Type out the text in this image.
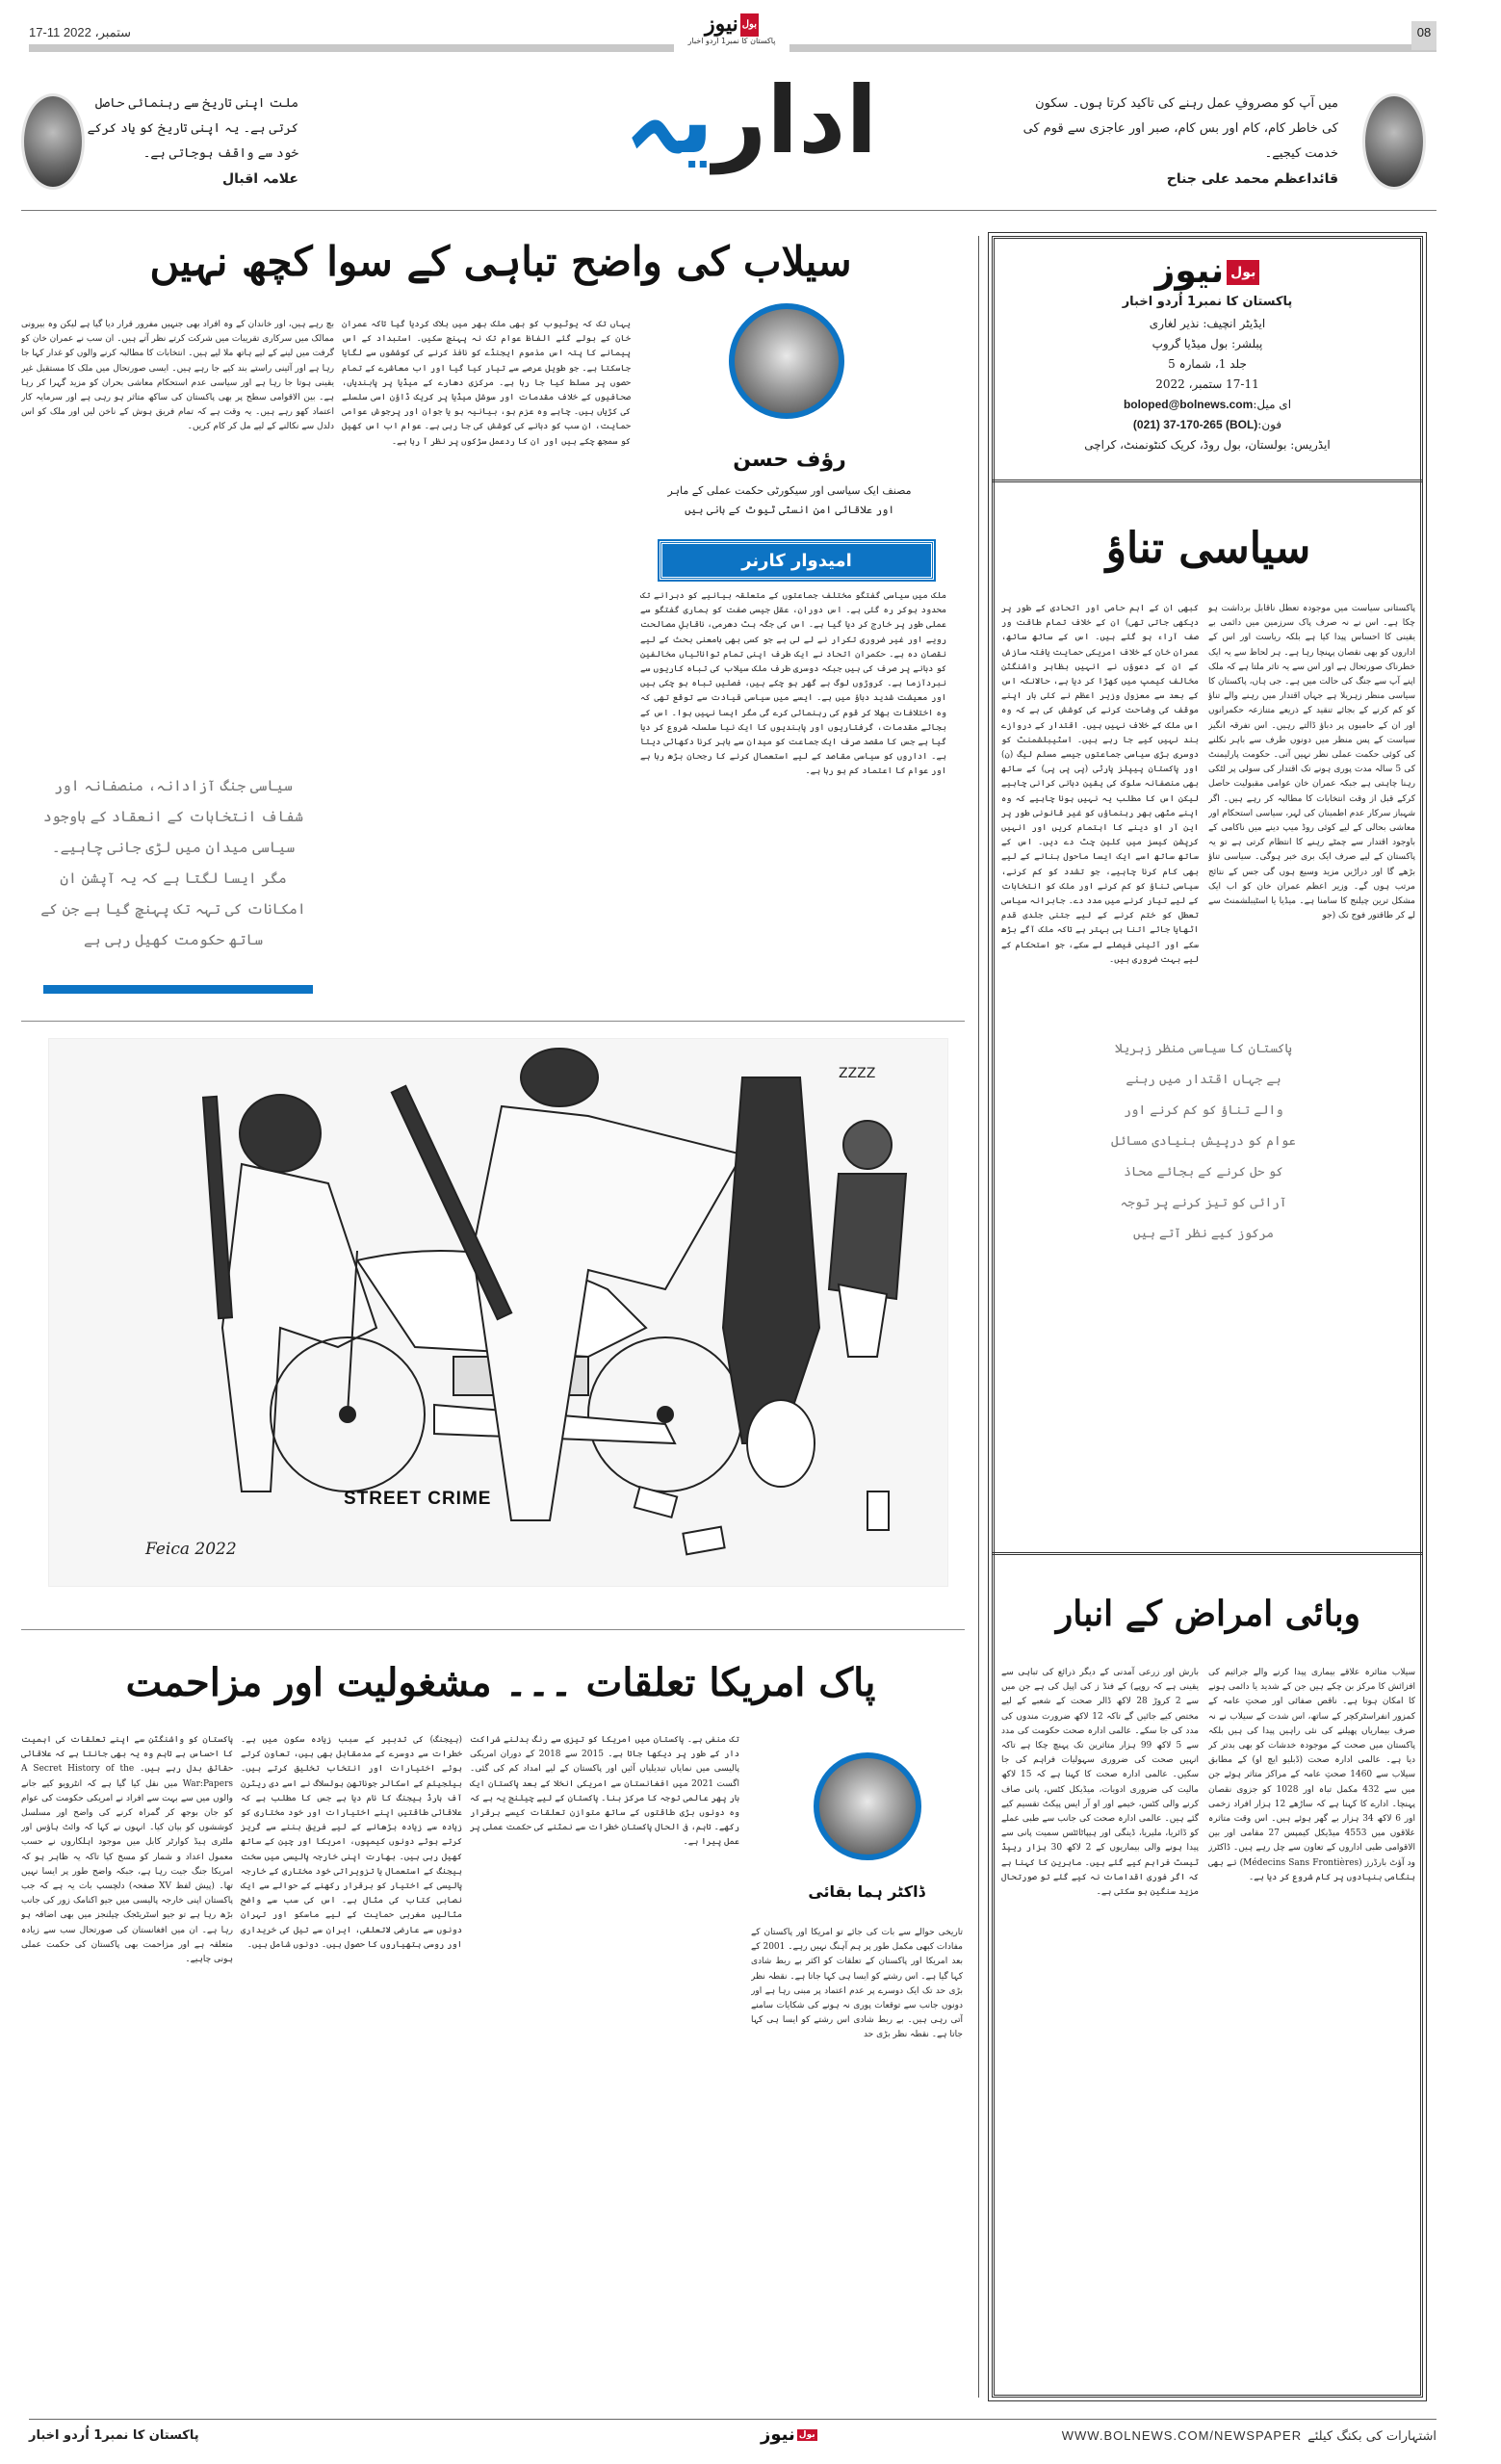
17-11 ستمبر، 2022	08
بولنیوز
پاکستان کا نمبر1 اُردو اخبار
اداریہ
ملت اپنی تاریخ سے رہنمائی حاصل کرتی ہے۔ یہ اپنی تاریخ کو یاد کرکے خود سے واقف ہوجاتی ہے۔
علامہ اقبال
میں آپ کو مصروفِ عمل رہنے کی تاکید کرتا ہوں۔ سکون کی خاطر کام، کام اور بس کام، صبر اور عاجزی سے قوم کی خدمت کیجیے۔
قائداعظم محمد علی جناح
سیلاب کی واضح تباہی کے سوا کچھ نہیں
بچ رہے ہیں، اور خاندان کے وہ افراد بھی جنہیں مفرور قرار دیا گیا ہے لیکن وہ بیرونی ممالک میں سرکاری تقریبات میں شرکت کرتے نظر آتے ہیں۔ ان سب نے عمران خان کو گرفت میں لینے کے لیے ہاتھ ملا لیے ہیں۔ انتخابات کا مطالبہ کرنے والوں کو غدار کہا جا رہا ہے اور آئینی راستے بند کیے جا رہے ہیں۔ ایسی صورتحال میں ملک کا مستقبل غیر یقینی ہوتا جا رہا ہے اور سیاسی عدم استحکام معاشی بحران کو مزید گہرا کر رہا ہے۔ بین الاقوامی سطح پر بھی پاکستان کی ساکھ متاثر ہو رہی ہے اور سرمایہ کار اعتماد کھو رہے ہیں۔ یہ وقت ہے کہ تمام فریق ہوش کے ناخن لیں اور ملک کو اس دلدل سے نکالنے کے لیے مل کر کام کریں۔
یہاں تک کہ یوٹیوب کو بھی ملک بھر میں بلاک کردیا گیا تاکہ عمران خان کے بولے گئے الفاظ عوام تک نہ پہنچ سکیں۔ استبداد کے اس پیمانے کا پتہ اس مذموم ایجنڈے کو نافذ کرنے کی کوششوں سے لگایا جاسکتا ہے۔ جو طویل عرصے سے تیار کیا گیا اور اب معاشرے کے تمام حصوں پر مسلط کیا جا رہا ہے۔ مرکزی دھارے کے میڈیا پر پابندیاں، صحافیوں کے خلاف مقدمات اور سوشل میڈیا پر کریک ڈاؤن اسی سلسلے کی کڑیاں ہیں۔ چاہے وہ عزم ہو، بیانیہ ہو یا جوان اور پرجوش عوامی حمایت، ان سب کو دبانے کی کوشش کی جا رہی ہے۔ عوام اب اس کھیل کو سمجھ چکے ہیں اور ان کا ردعمل سڑکوں پر نظر آ رہا ہے۔
رؤف حسن
مصنف ایک سیاسی اور سیکورٹی حکمت عملی کے ماہر
اور علاقائی امن انسٹی ٹیوٹ کے بانی ہیں
امیدوار کارنر
ملک میں سیاسی گفتگو مختلف جماعتوں کے متعلقہ بیانیے کو دہرانے تک محدود ہوکر رہ گئی ہے۔ اس دوران، عقل جیسی صفت کو ہماری گفتگو سے عملی طور پر خارج کر دیا گیا ہے۔ اس کی جگہ ہٹ دھرمی، ناقابلِ مصالحت رویے اور غیر ضروری تکرار نے لے لی ہے جو کسی بھی بامعنی بحث کے لیے نقصان دہ ہے۔ حکمران اتحاد نے ایک طرف اپنی تمام توانائیاں مخالفین کو دبانے پر صرف کی ہیں جبکہ دوسری طرف ملک سیلاب کی تباہ کاریوں سے نبردآزما ہے۔ کروڑوں لوگ بے گھر ہو چکے ہیں، فصلیں تباہ ہو چکی ہیں اور معیشت شدید دباؤ میں ہے۔ ایسے میں سیاسی قیادت سے توقع تھی کہ وہ اختلافات بھلا کر قوم کی رہنمائی کرے گی مگر ایسا نہیں ہوا۔ اس کے بجائے مقدمات، گرفتاریوں اور پابندیوں کا ایک نیا سلسلہ شروع کر دیا گیا ہے جس کا مقصد صرف ایک جماعت کو میدان سے باہر کرنا دکھائی دیتا ہے۔ اداروں کو سیاسی مقاصد کے لیے استعمال کرنے کا رجحان بڑھ رہا ہے اور عوام کا اعتماد کم ہو رہا ہے۔
سیاسی جنگ آزادانہ، منصفانہ اور شفاف انتخابات کے انعقاد کے باوجود سیاسی میدان میں لڑی جانی چاہیے۔ مگر ایسا لگتا ہے کہ یہ آپشن ان امکانات کی تہہ تک پہنچ گیا ہے جن کے ساتھ حکومت کھیل رہی ہے
ZZZZ
STREET CRIME
Feica 2022
پاک امریکا تعلقات ۔۔۔ مشغولیت اور مزاحمت
پاکستان کو واشنگٹن سے اپنے تعلقات کی اہمیت کا احساس ہے تاہم وہ یہ بھی جانتا ہے کہ علاقائی حقائق بدل رہے ہیں۔ A Secret History of the War:Papers میں نقل کیا گیا ہے کہ انٹرویو کیے جانے والوں میں سے بہت سے افراد نے امریکی حکومت کی عوام کو جان بوجھ کر گمراہ کرنے کی واضح اور مسلسل کوششوں کو بیان کیا۔ انہوں نے کہا کہ وائٹ ہاؤس اور ملٹری ہیڈ کوارٹر کابل میں موجود اہلکاروں نے حسب معمول اعداد و شمار کو مسخ کیا تاکہ یہ ظاہر ہو کہ امریکا جنگ جیت رہا ہے، جبکہ واضح طور پر ایسا نہیں تھا۔ (پیش لفظ XV صفحہ) دلچسپ بات یہ ہے کہ جب پاکستان اپنی خارجہ پالیسی میں جیو اکنامک زور کی جانب بڑھ رہا ہے تو جیو اسٹریٹجک چیلنجز میں بھی اضافہ ہو رہا ہے۔ ان میں افغانستان کی صورتحال سب سے زیادہ متعلقہ ہے اور مزاحمت بھی پاکستان کی حکمت عملی ہونی چاہیے۔
(ہیجنگ) کی تدبیر کے سبب زیادہ سکون میں ہے۔ خطرات سے دوسرے کے مدمقابل بھی ہیں، تعاون کرتے ہوئے اختیارات اور انتخاب تخلیق کرتے ہیں۔ بیلجیئم کے اسکالر جوناتھن ہولسلاگ نے اسے دی ریٹرن آف ہارڈ ہیجنگ کا نام دیا ہے جس کا مطلب ہے کہ علاقائی طاقتیں اپنے اختیارات اور خود مختاری کو زیادہ سے زیادہ بڑھانے کے لیے فریق بننے سے گریز کرتے ہوئے دونوں کیمپوں، امریکا اور چین کے ساتھ کھیل رہی ہیں۔ بھارت اپنی خارجہ پالیسی میں سخت ہیجنگ کے استعمال یا تزویراتی خود مختاری کے خارجہ پالیسی کے اختیار کو برقرار رکھنے کے حوالے سے ایک نصابی کتاب کی مثال ہے۔ اس کی سب سے واضح مثالیں مغربی حمایت کے لیے ماسکو اور تہران دونوں سے عارضی لاتعلقی، ایران سے تیل کی خریداری اور روسی ہتھیاروں کا حصول ہیں۔ دونوں شامل ہیں۔
تک منفی ہے۔ پاکستان میں امریکا کو تیزی سے رنگ بدلنے شراکت دار کے طور پر دیکھا جاتا ہے۔ 2015 سے 2018 کے دوران امریکی پالیسی میں نمایاں تبدیلیاں آئیں اور پاکستان کے لیے امداد کم کی گئی۔ اگست 2021 میں افغانستان سے امریکی انخلا کے بعد پاکستان ایک بار پھر عالمی توجہ کا مرکز بنا۔ پاکستان کے لیے چیلنج یہ ہے کہ وہ دونوں بڑی طاقتوں کے ساتھ متوازن تعلقات کیسے برقرار رکھے۔ تاہم، فی الحال پاکستان خطرات سے نمٹنے کی حکمت عملی پر عمل پیرا ہے۔
ڈاکٹر ہما بقائی
تاریخی حوالے سے بات کی جائے تو امریکا اور پاکستان کے مفادات کبھی مکمل طور پر ہم آہنگ نہیں رہے۔ 2001 کے بعد امریکا اور پاکستان کے تعلقات کو اکثر بے ربط شادی کہا گیا ہے۔ اس رشتے کو ایسا ہی کہا جاتا ہے۔ نقطہ نظر بڑی حد تک ایک دوسرے پر عدم اعتماد پر مبنی رہا ہے اور دونوں جانب سے توقعات پوری نہ ہونے کی شکایات سامنے آتی رہی ہیں۔ بے ربط شادی اس رشتے کو ایسا ہی کہا جاتا ہے۔ نقطہ نظر بڑی حد
بولنیوز
پاکستان کا نمبر1 اُردو اخبار
ایڈیٹر انچیف: نذیر لغاری
پبلشر: بول میڈیا گروپ
جلد 1، شمارہ 5
17-11 ستمبر، 2022
ای میل:boloped@bolnews.com
فون:(021) 37-170-265 (BOL)
ایڈریس: بولستان، بول روڈ، کریک کنٹونمنٹ، کراچی
سیاسی تناؤ
پاکستانی سیاست میں موجودہ تعطل ناقابل برداشت ہو چکا ہے۔ اس نے نہ صرف پاک سرزمین میں دائمی بے یقینی کا احساس پیدا کیا ہے بلکہ ریاست اور اس کے اداروں کو بھی نقصان پہنچا رہا ہے۔ ہر لحاظ سے یہ ایک خطرناک صورتحال ہے اور اس سے یہ تاثر ملتا ہے کہ ملک اپنے آپ سے جنگ کی حالت میں ہے۔ جی ہاں، پاکستان کا سیاسی منظر زہریلا ہے جہاں اقتدار میں رہنے والے تناؤ کو کم کرنے کے بجائے تنقید کے ذریعے متنازعہ حکمرانوں اور ان کے حامیوں پر دباؤ ڈالتے رہیں۔ اس تفرقہ انگیز سیاست کے پس منظر میں دونوں طرف سے باہر نکلنے کی کوئی حکمت عملی نظر نہیں آتی۔ حکومت پارلیمنٹ کی 5 سالہ مدت پوری ہونے تک اقتدار کی سولی پر لٹکی رہنا چاہتی ہے جبکہ عمران خان عوامی مقبولیت حاصل کرکے قبل از وقت انتخابات کا مطالبہ کر رہے ہیں۔ اگر شہباز سرکار عدم اطمینان کی لہر، سیاسی استحکام اور معاشی بحالی کے لیے کوئی روڈ میپ دینے میں ناکامی کے باوجود اقتدار سے چمٹے رہنے کا انتظام کرتی ہے تو یہ پاکستان کے لیے صرف ایک بری خبر ہوگی۔ سیاسی تناؤ بڑھے گا اور دراڑیں مزید وسیع ہوں گی جس کے نتائج مرتب ہوں گے۔ وزیر اعظم عمران خان کو اب ایک مشکل ترین چیلنج کا سامنا ہے۔ میڈیا یا اسٹیبلشمنٹ سے لے کر طاقتور فوج تک (جو
کبھی ان کے اہم حامی اور اتحادی کے طور پر دیکھی جاتی تھی) ان کے خلاف تمام طاقت ور صف آراء ہو گئے ہیں۔ اس کے ساتھ ساتھ، عمران خان کے خلاف امریکی حمایت یافتہ سازش کے ان کے دعوؤں نے انہیں بظاہر واشنگٹن مخالف کیمپ میں کھڑا کر دیا ہے، حالانکہ اس کے بعد سے معزول وزیر اعظم نے کئی بار اپنے موقف کی وضاحت کرنے کی کوشش کی ہے کہ وہ اس ملک کے خلاف نہیں ہیں۔ اقتدار کے دروازے بند نہیں کیے جا رہے ہیں۔ اسٹیبلشمنٹ کو دوسری بڑی سیاسی جماعتوں جیسے مسلم لیگ (ن) اور پاکستان پیپلز پارٹی (پی پی پی) کے ساتھ بھی منصفانہ سلوک کی یقین دہانی کرانی چاہیے لیکن اس کا مطلب یہ نہیں ہونا چاہیے کہ وہ اپنے مٹھی بھر رہنماؤں کو غیر قانونی طور پر این آر او دینے کا اہتمام کریں اور انہیں کرپشن کیسز میں کلین چٹ دے دیں۔ اس کے ساتھ ساتھ اسے ایک ایسا ماحول بنانے کے لیے بھی کام کرنا چاہیے، جو تشدد کو کم کرنے، سیاسی تناؤ کو کم کرنے اور ملک کو انتخابات کے لیے تیار کرنے میں مدد دے۔ جابرانہ سیاسی تعطل کو ختم کرنے کے لیے جتنی جلدی قدم اٹھایا جائے اتنا ہی بہتر ہے تاکہ ملک آگے بڑھ سکے اور آئینی فیصلے لے سکے، جو استحکام کے لیے بہت ضروری ہیں۔
پاکستان کا سیاسی منظر زہریلا ہے جہاں اقتدار میں رہنے والے تناؤ کو کم کرنے اور عوام کو درپیش بنیادی مسائل کو حل کرنے کے بجائے محاذ آرائی کو تیز کرنے پر توجہ مرکوز کیے نظر آتے ہیں
وبائی امراض کے انبار
سیلاب متاثرہ علاقے بیماری پیدا کرنے والے جراثیم کی افزائش کا مرکز بن چکے ہیں جن کے شدید یا دائمی ہونے کا امکان ہوتا ہے۔ ناقص صفائی اور صحتِ عامہ کے کمزور انفراسٹرکچر کے ساتھ، اس شدت کے سیلاب نے نہ صرف بیماریاں پھیلنے کی نئی راہیں پیدا کی ہیں بلکہ پاکستان میں صحت کے موجودہ خدشات کو بھی بدتر کر دیا ہے۔ عالمی ادارہ صحت (ڈبلیو ایچ او) کے مطابق سیلاب سے 1460 صحتِ عامہ کے مراکز متاثر ہوئے جن میں سے 432 مکمل تباہ اور 1028 کو جزوی نقصان پہنچا۔ ادارے کا کہنا ہے کہ ساڑھے 12 ہزار افراد زخمی اور 6 لاکھ 34 ہزار بے گھر ہوئے ہیں۔ اس وقت متاثرہ علاقوں میں 4553 میڈیکل کیمپس 27 مقامی اور بین الاقوامی طبی اداروں کے تعاون سے چل رہے ہیں۔ ڈاکٹرز ود آؤٹ بارڈرز (Médecins Sans Frontières) نے بھی ہنگامی بنیادوں پر کام شروع کر دیا ہے۔
بارش اور زرعی آمدنی کے دیگر ذرائع کی تباہی سے یقینی ہے کہ روپے) کے فنڈ ز کی اپیل کی ہے جن میں سے 2 کروڑ 28 لاکھ ڈالر صحت کے شعبے کے لیے مختص کیے جائیں گے تاکہ 12 لاکھ ضرورت مندوں کی مدد کی جا سکے۔ عالمی ادارہ صحت حکومت کی مدد سے 5 لاکھ 99 ہزار متاثرین تک پہنچ چکا ہے تاکہ انہیں صحت کی ضروری سہولیات فراہم کی جا سکیں۔ عالمی ادارہ صحت کا کہنا ہے کہ 15 لاکھ مالیت کی ضروری ادویات، میڈیکل کٹس، پانی صاف کرنے والی کٹس، خیمے اور او آر ایس پیکٹ تقسیم کیے گئے ہیں۔ عالمی ادارہ صحت کی جانب سے طبی عملے کو ڈائریا، ملیریا، ڈینگی اور ہیپاٹائٹس سمیت پانی سے پیدا ہونے والی بیماریوں کے 2 لاکھ 30 ہزار ریپڈ ٹیسٹ فراہم کیے گئے ہیں۔ ماہرین کا کہنا ہے کہ اگر فوری اقدامات نہ کیے گئے تو صورتحال مزید سنگین ہو سکتی ہے۔
پاکستان کا نمبر1 اُردو اخبار	بولنیوز	WWW.BOLNEWS.COM/NEWSPAPER اشتہارات کی بکنگ کیلئے
